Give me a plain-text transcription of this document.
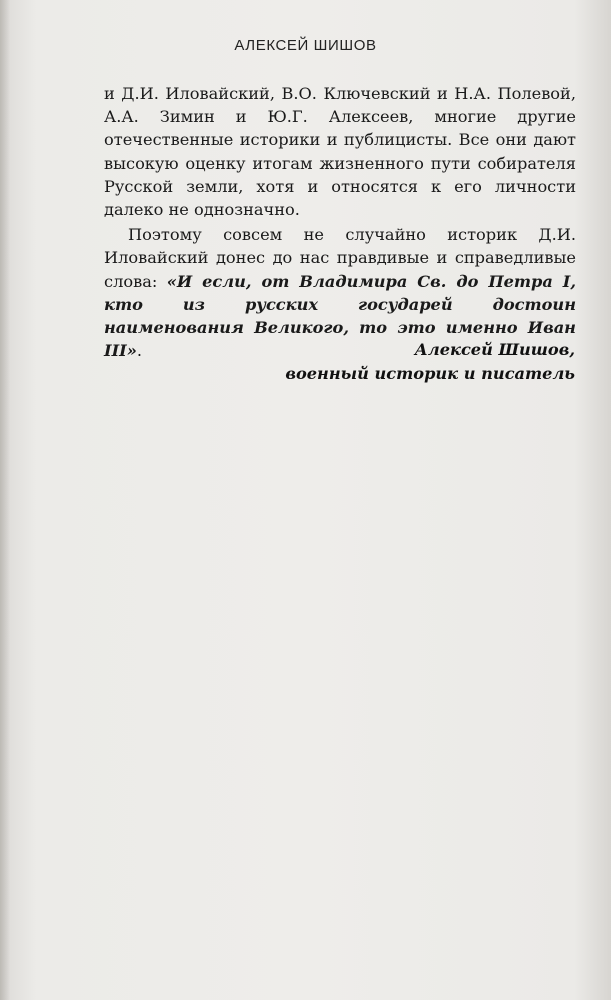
АЛЕКСЕЙ ШИШОВ

и Д.И. Иловайский, В.О. Ключевский и Н.А. Полевой, А.А. Зимин и Ю.Г. Алексеев, многие другие отечественные историки и публицисты. Все они дают высокую оценку итогам жизненного пути собирателя Русской земли, хотя и относятся к его личности далеко не однозначно.

Поэтому совсем не случайно историк Д.И. Иловайский донес до нас правдивые и справедливые слова: «И если, от Владимира Св. до Петра I, кто из русских государей достоин наименования Великого, то это именно Иван III».	Алексей Шишов,
военный историк и писатель
